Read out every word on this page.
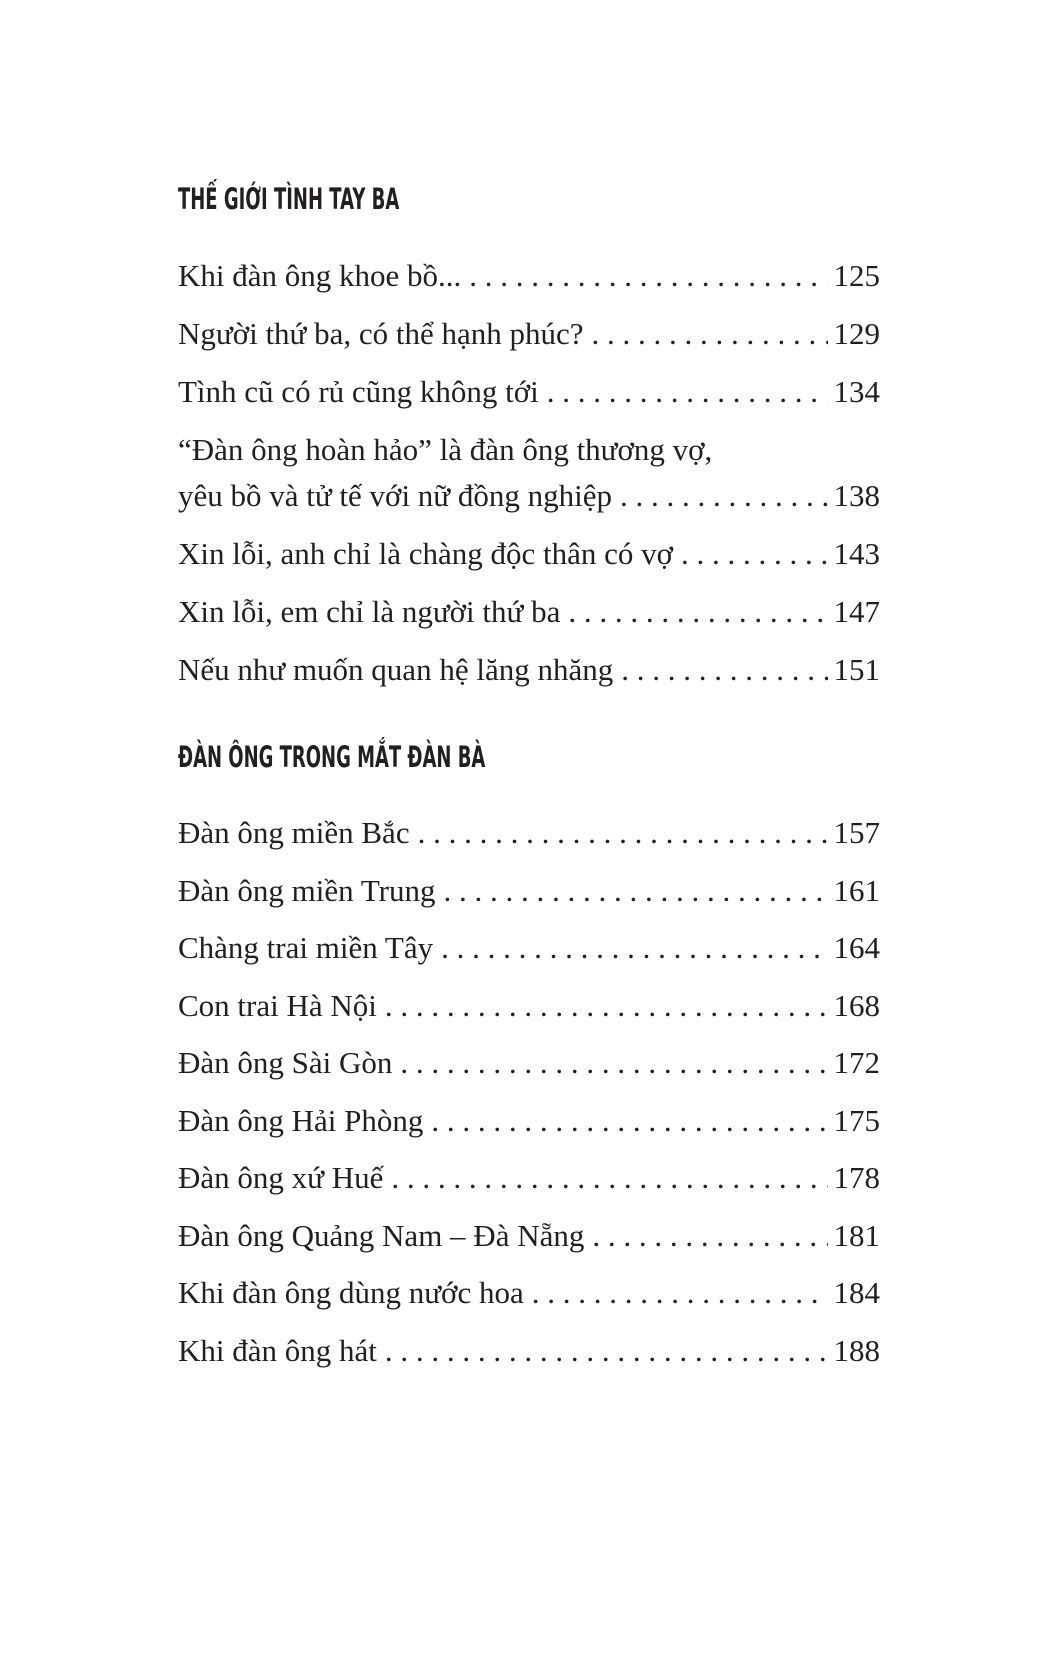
THẾ GIỚI TÌNH TAY BA
Khi đàn ông khoe bồ... . . .	125
Người thứ ba, có thể hạnh phúc? . . .	129
Tình cũ có rủ cũng không tới . . .	134
“Đàn ông hoàn hảo” là đàn ông thương vợ,
yêu bồ và tử tế với nữ đồng nghiệp . . .	138
Xin lỗi, anh chỉ là chàng độc thân có vợ . . .	143
Xin lỗi, em chỉ là người thứ ba . . .	147
Nếu như muốn quan hệ lăng nhăng . . .	151
ĐÀN ÔNG TRONG MẮT ĐÀN BÀ
Đàn ông miền Bắc . . .	157
Đàn ông miền Trung . . .	161
Chàng trai miền Tây . . .	164
Con trai Hà Nội . . .	168
Đàn ông Sài Gòn . . .	172
Đàn ông Hải Phòng . . .	175
Đàn ông xứ Huế . . .	178
Đàn ông Quảng Nam – Đà Nẵng . . .	181
Khi đàn ông dùng nước hoa . . .	184
Khi đàn ông hát . . .	188
